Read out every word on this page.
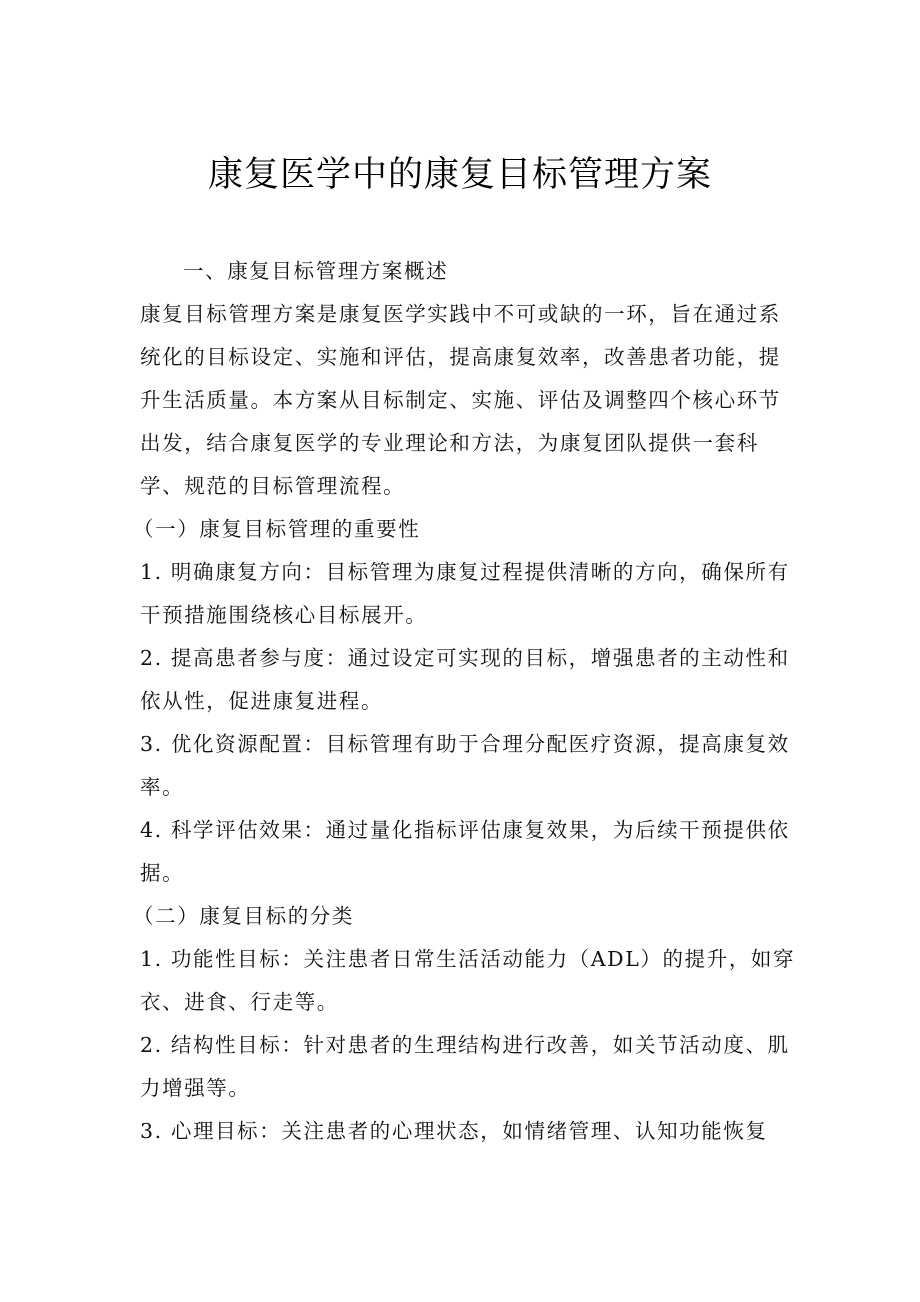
康复医学中的康复目标管理方案
一、康复目标管理方案概述
康复目标管理方案是康复医学实践中不可或缺的一环，旨在通过系
统化的目标设定、实施和评估，提高康复效率，改善患者功能，提
升生活质量。本方案从目标制定、实施、评估及调整四个核心环节
出发，结合康复医学的专业理论和方法，为康复团队提供一套科
学、规范的目标管理流程。
（一）康复目标管理的重要性
1. 明确康复方向：目标管理为康复过程提供清晰的方向，确保所有
干预措施围绕核心目标展开。
2. 提高患者参与度：通过设定可实现的目标，增强患者的主动性和
依从性，促进康复进程。
3. 优化资源配置：目标管理有助于合理分配医疗资源，提高康复效
率。
4. 科学评估效果：通过量化指标评估康复效果，为后续干预提供依
据。
（二）康复目标的分类
1. 功能性目标：关注患者日常生活活动能力（ADL）的提升，如穿
衣、进食、行走等。
2. 结构性目标：针对患者的生理结构进行改善，如关节活动度、肌
力增强等。
3. 心理目标：关注患者的心理状态，如情绪管理、认知功能恢复
